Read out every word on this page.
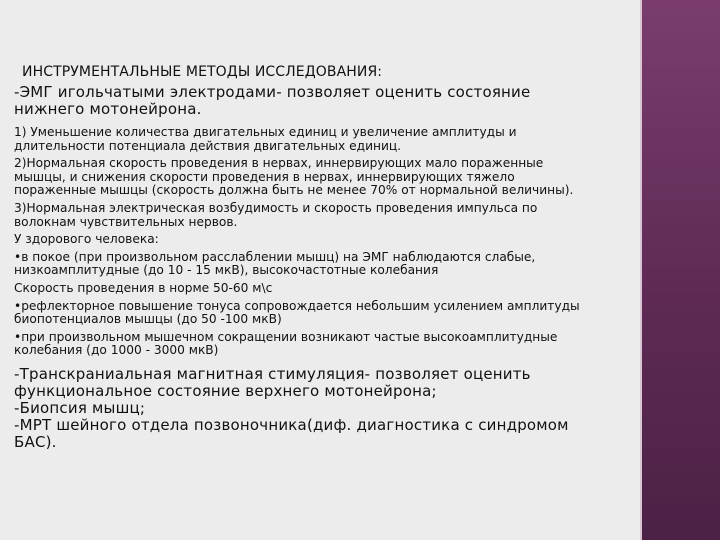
ИНСТРУМЕНТАЛЬНЫЕ МЕТОДЫ ИССЛЕДОВАНИЯ:

-ЭМГ игольчатыми электродами- позволяет оценить состояние

нижнего мотонейрона.

1) Уменьшение количества двигательных единиц и увеличение амплитуды и

длительности потенциала действия двигательных единиц.

2)Нормальная скорость проведения в нервах, иннервирующих мало пораженные

мышцы, и снижения скорости проведения в нервах, иннервирующих тяжело

пораженные мышцы (скорость должна быть не менее 70% от нормальной величины).

3)Нормальная электрическая возбудимость и скорость проведения импульса по

волокнам чувствительных нервов.

У здорового человека:

•в покое (при произвольном расслаблении мышц) на ЭМГ наблюдаются слабые,

низкоамплитудные (до 10 - 15 мкВ), высокочастотные колебания

Скорость проведения в норме 50-60 м\с

•рефлекторное повышение тонуса сопровождается небольшим усилением амплитуды

биопотенциалов мышцы (до 50 -100 мкВ)

•при произвольном мышечном сокращении возникают частые высокоамплитудные

колебания (до 1000 - 3000 мкВ)

-Транскраниальная магнитная стимуляция- позволяет оценить

функциональное состояние верхнего мотонейрона;

-Биопсия мышц;

-МРТ шейного отдела позвоночника(диф. диагностика с синдромом

БАС).
